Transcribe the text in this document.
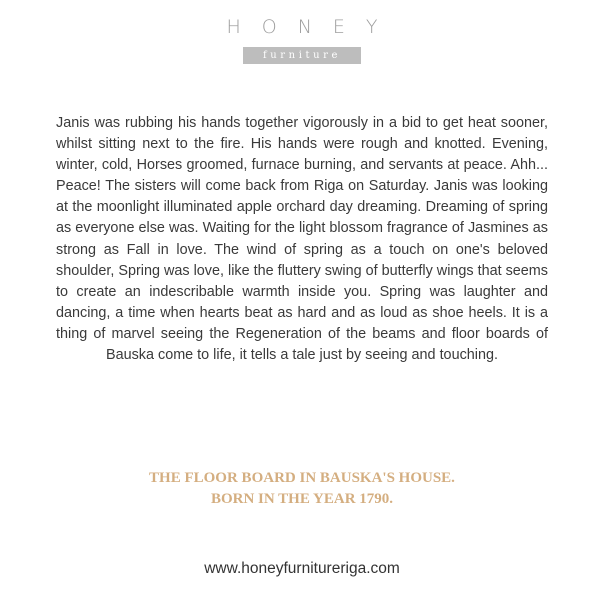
HONEY
furniture

Janis was rubbing his hands together vigorously in a bid to get heat sooner, whilst sitting next to the fire. His hands were rough and knotted. Evening, winter, cold, Horses groomed, furnace burning, and servants at peace. Ahh... Peace! The sisters will come back from Riga on Saturday. Janis was looking at the moonlight illuminated apple orchard day dreaming. Dreaming of spring as everyone else was. Waiting for the light blossom fragrance of Jasmines as strong as Fall in love. The wind of spring as a touch on one's beloved shoulder, Spring was love, like the fluttery swing of butterfly wings that seems to create an indescribable warmth inside you. Spring was laughter and dancing, a time when hearts beat as hard and as loud as shoe heels. It is a thing of marvel seeing the Regeneration of the beams and floor boards of Bauska come to life, it tells a tale just by seeing and touching.

THE FLOOR BOARD IN BAUSKA'S HOUSE.
BORN IN THE YEAR 1790.
www.honeyfurnitureriga.com
